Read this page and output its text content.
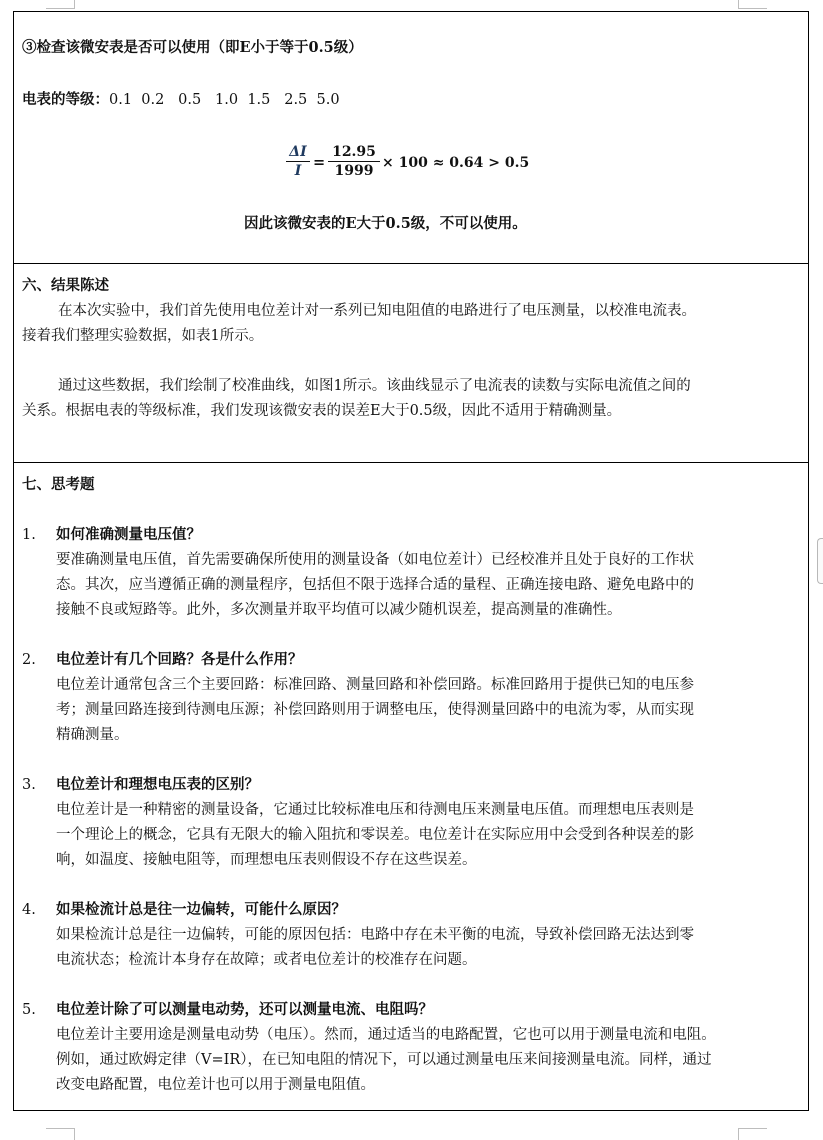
③检查该微安表是否可以使用（即E小于等于0.5级）
电表的等级：0.1  0.2   0.5   1.0  1.5   2.5  5.0
ΔI
I =
12.95
1999 × 100 ≈ 0.64 > 0.5
因此该微安表的E大于0.5级，不可以使用。
六、结果陈述
在本次实验中，我们首先使用电位差计对一系列已知电阻值的电路进行了电压测量，以校准电流表。
接着我们整理实验数据，如表1所示。
通过这些数据，我们绘制了校准曲线，如图1所示。该曲线显示了电流表的读数与实际电流值之间的
关系。根据电表的等级标准，我们发现该微安表的误差E大于0.5级，因此不适用于精确测量。
七、思考题
1. 如何准确测量电压值？
要准确测量电压值，首先需要确保所使用的测量设备（如电位差计）已经校准并且处于良好的工作状
态。其次，应当遵循正确的测量程序，包括但不限于选择合适的量程、正确连接电路、避免电路中的
接触不良或短路等。此外，多次测量并取平均值可以减少随机误差，提高测量的准确性。
2. 电位差计有几个回路？各是什么作用？
电位差计通常包含三个主要回路：标准回路、测量回路和补偿回路。标准回路用于提供已知的电压参
考；测量回路连接到待测电压源；补偿回路则用于调整电压，使得测量回路中的电流为零，从而实现
精确测量。
3. 电位差计和理想电压表的区别？
电位差计是一种精密的测量设备，它通过比较标准电压和待测电压来测量电压值。而理想电压表则是
一个理论上的概念，它具有无限大的输入阻抗和零误差。电位差计在实际应用中会受到各种误差的影
响，如温度、接触电阻等，而理想电压表则假设不存在这些误差。
4. 如果检流计总是往一边偏转，可能什么原因？
如果检流计总是往一边偏转，可能的原因包括：电路中存在未平衡的电流，导致补偿回路无法达到零
电流状态；检流计本身存在故障；或者电位差计的校准存在问题。
5. 电位差计除了可以测量电动势，还可以测量电流、电阻吗？
电位差计主要用途是测量电动势（电压）。然而，通过适当的电路配置，它也可以用于测量电流和电阻。
例如，通过欧姆定律（V=IR），在已知电阻的情况下，可以通过测量电压来间接测量电流。同样，通过
改变电路配置，电位差计也可以用于测量电阻值。
